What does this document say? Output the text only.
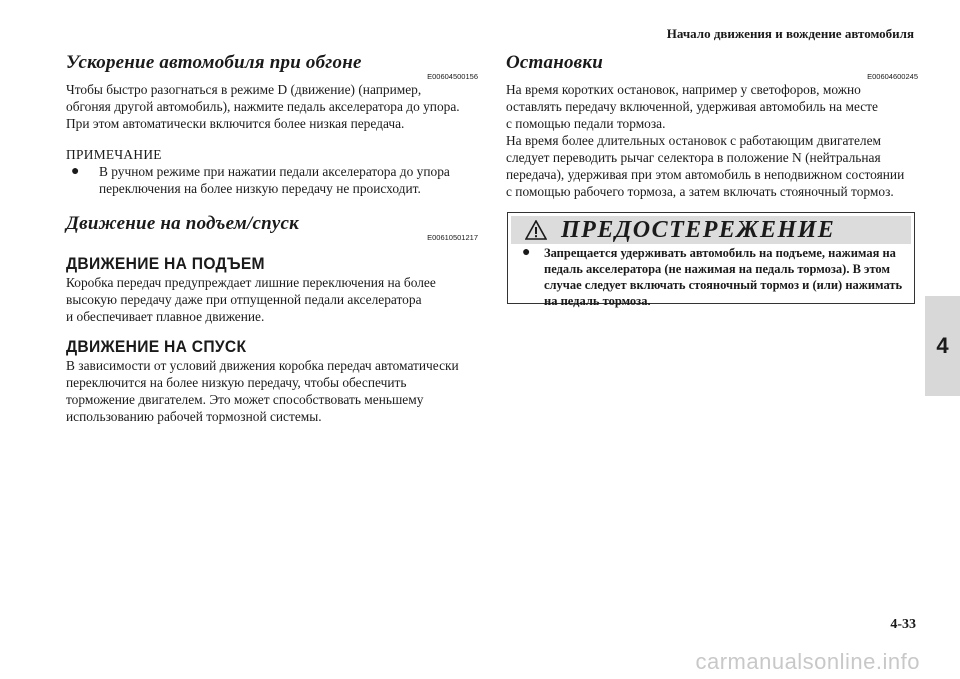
Начало движения и вождение автомобиля
Ускорение автомобиля при обгоне
E00604500156

Чтобы быстро разогнаться в режиме D (движение) (например,
обгоняя другой автомобиль), нажмите педаль акселератора до упора.
При этом автоматически включится более низкая передача.

ПРИМЕЧАНИЕ

●	В ручном режиме при нажатии педали акселератора до упора
переключения на более низкую передачу не происходит.
Движение на подъем/спуск
E00610501217
ДВИЖЕНИЕ НА ПОДЪЕМ

Коробка передач предупреждает лишние переключения на более
высокую передачу даже при отпущенной педали акселератора
и обеспечивает плавное движение.

ДВИЖЕНИЕ НА СПУСК

В зависимости от условий движения коробка передач автоматически
переключится на более низкую передачу, чтобы обеспечить
торможение двигателем. Это может способствовать меньшему
использованию рабочей тормозной системы.

Остановки
E00604600245

На время коротких остановок, например у светофоров, можно
оставлять передачу включенной, удерживая автомобиль на месте
с помощью педали тормоза.
На время более длительных остановок с работающим двигателем
следует переводить рычаг селектора в положение N (нейтральная
передача), удерживая при этом автомобиль в неподвижном состоянии
с помощью рабочего тормоза, а затем включать стояночный тормоз.

ПРЕДОСТЕРЕЖЕНИЕ
●	Запрещается удерживать автомобиль на подъеме, нажимая на
педаль акселератора (не нажимая на педаль тормоза). В этом
случае следует включать стояночный тормоз и (или) нажимать
на педаль тормоза.
4
4-33
carmanualsonline.info
